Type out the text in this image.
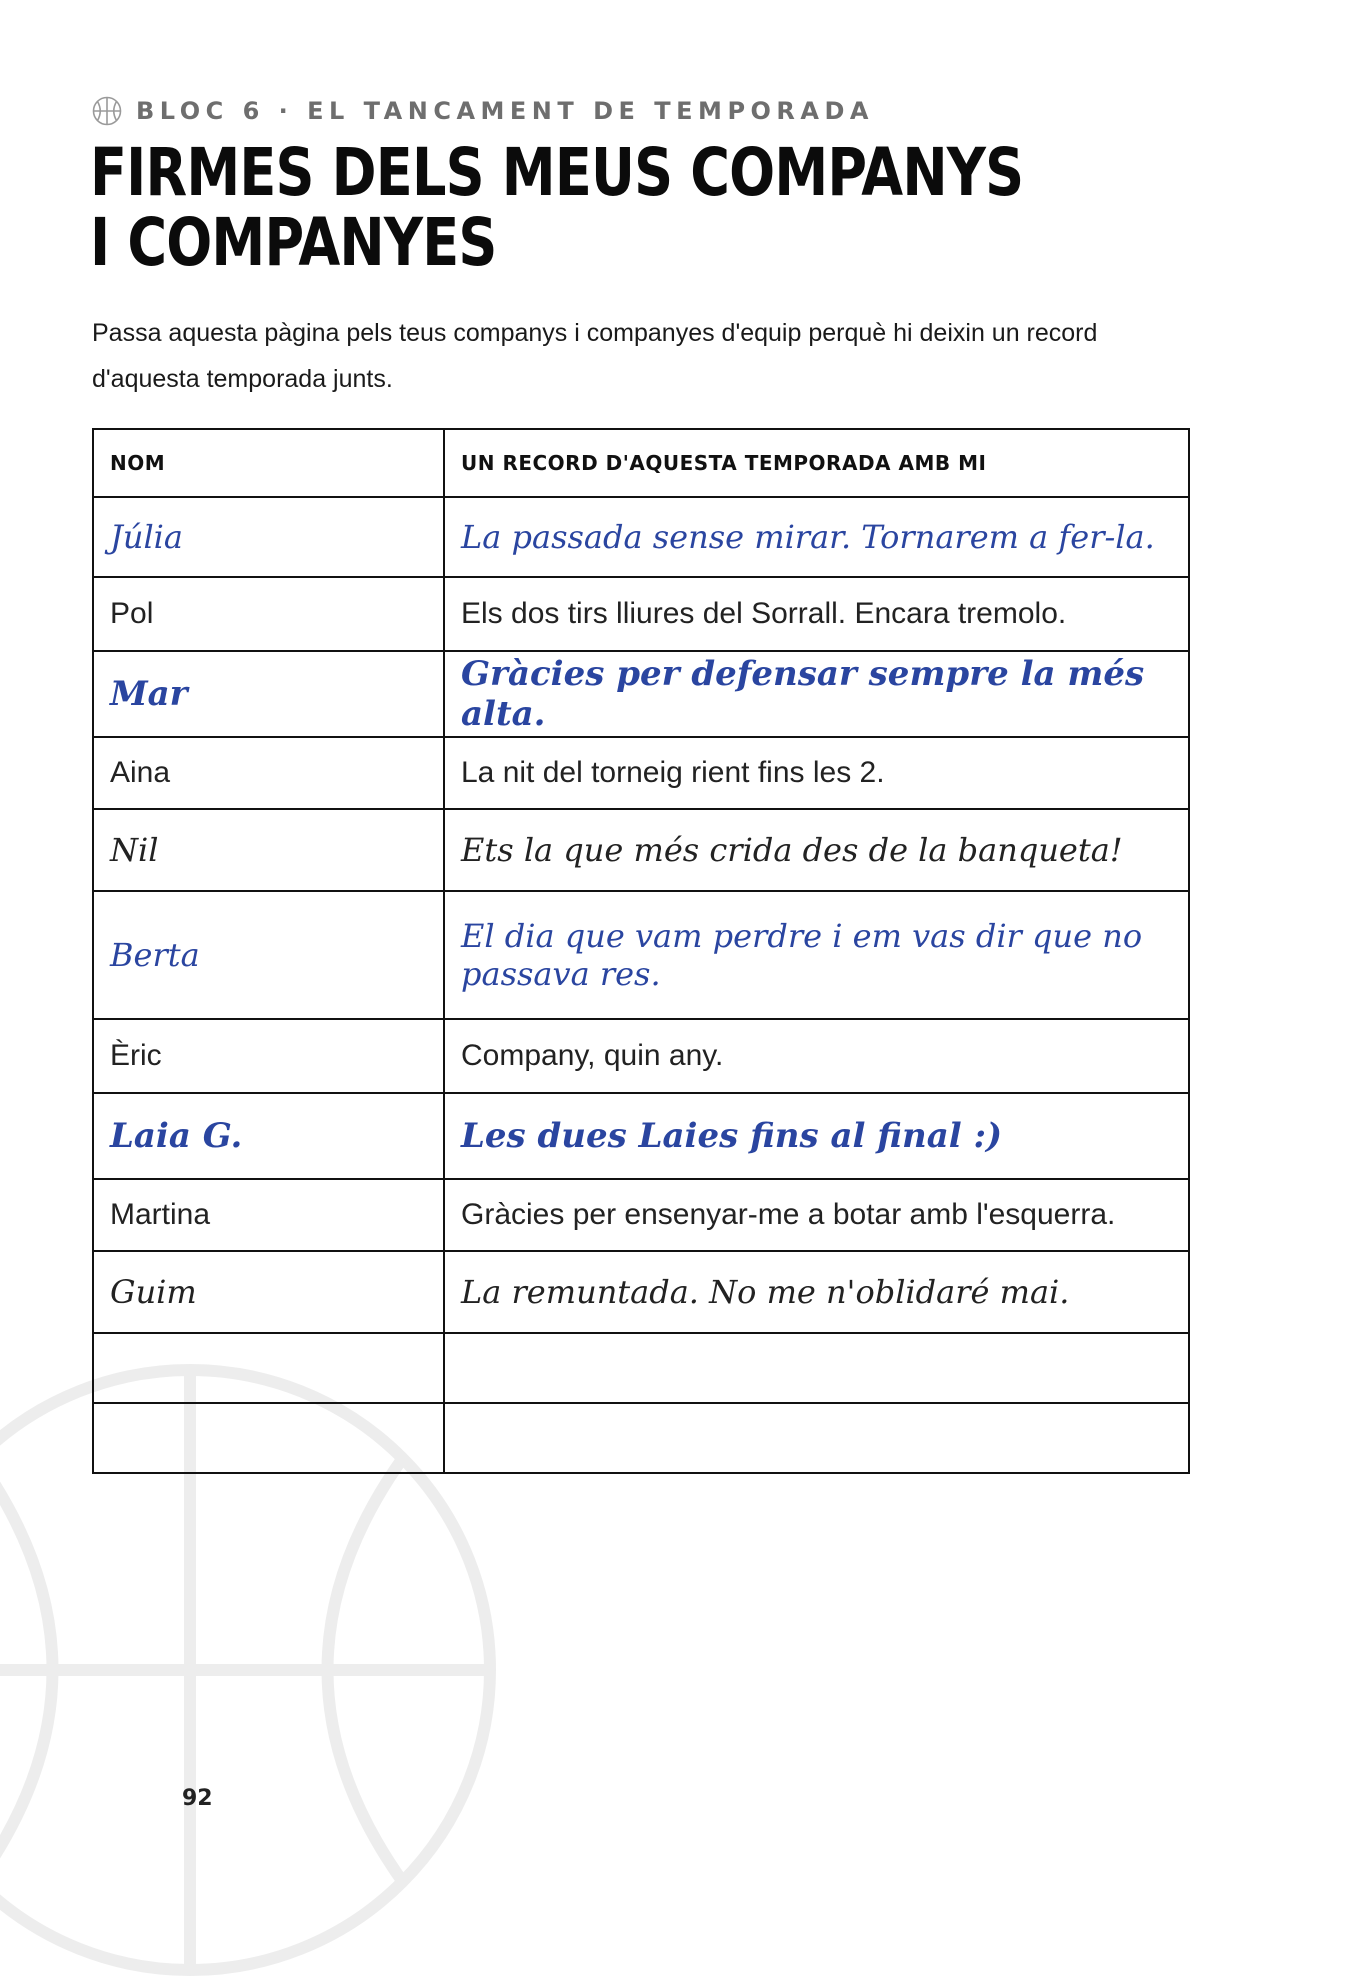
BLOC 6 · EL TANCAMENT DE TEMPORADA
FIRMES DELS MEUS COMPANYS I COMPANYES

Passa aquesta pàgina pels teus companys i companyes d'equip perquè hi deixin un record d'aquesta temporada junts.

NOM	UN RECORD D'AQUESTA TEMPORADA AMB MI
Júlia	La passada sense mirar. Tornarem a fer-la.
Pol	Els dos tirs lliures del Sorrall. Encara tremolo.
Mar	Gràcies per defensar sempre la més alta.
Aina	La nit del torneig rient fins les 2.
Nil	Ets la que més crida des de la banqueta!
Berta	El dia que vam perdre i em vas dir que no passava res.
Èric	Company, quin any.
Laia G.	Les dues Laies fins al final :)
Martina	Gràcies per ensenyar-me a botar amb l'esquerra.
Guim	La remuntada. No me n'oblidaré mai.

92
